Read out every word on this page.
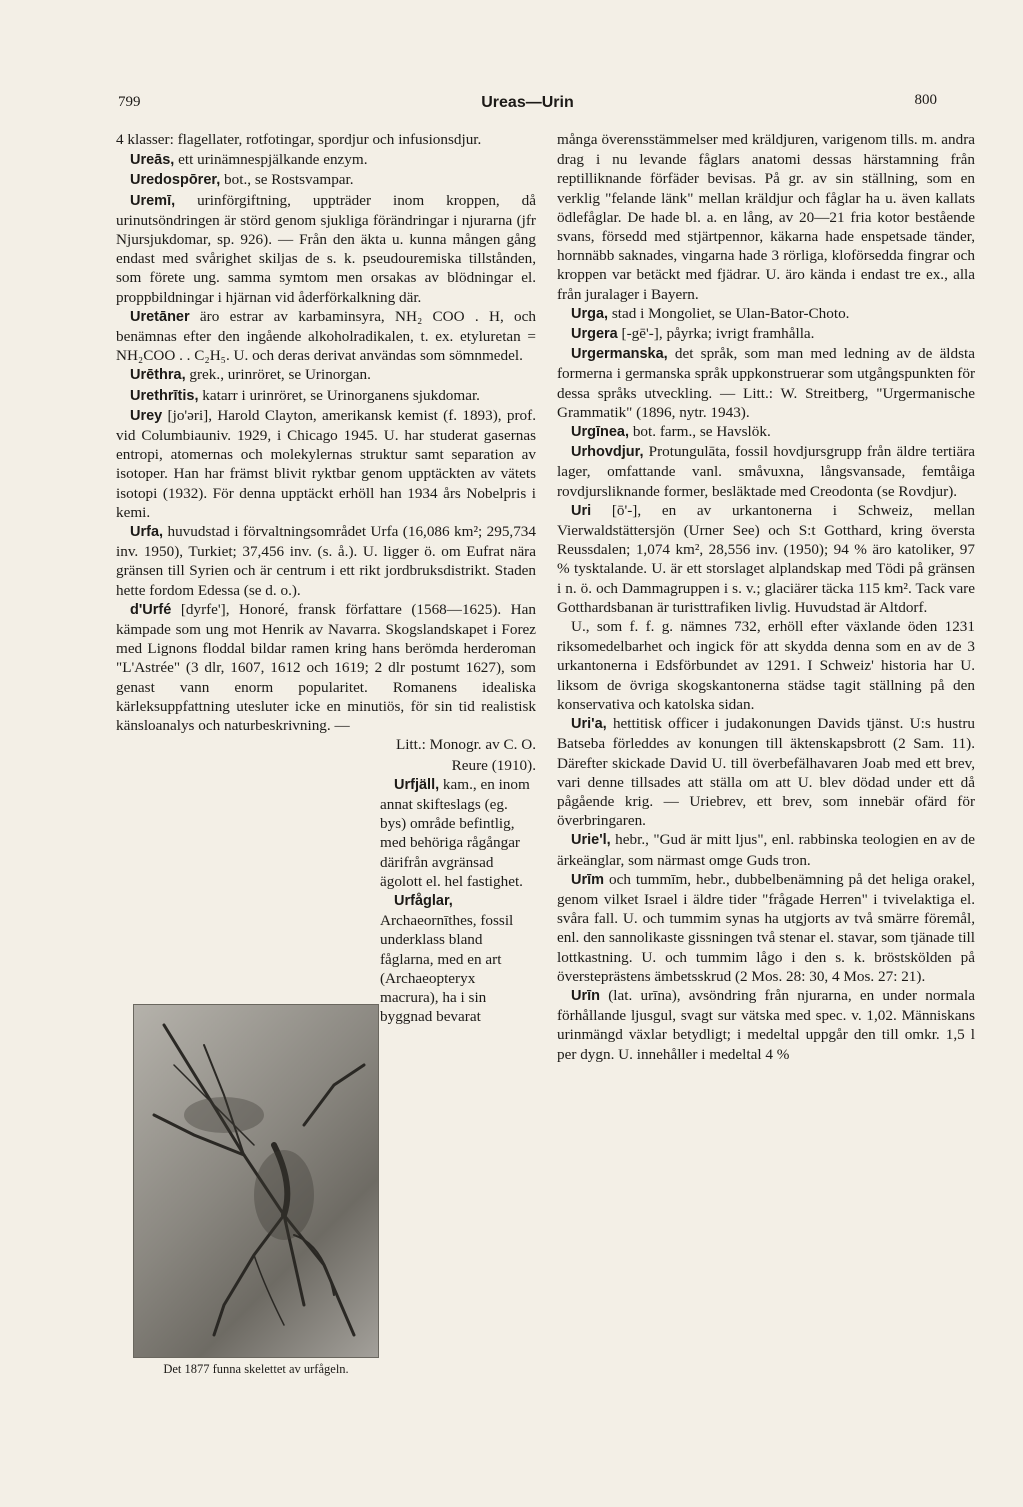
799	Ureas—Urin	800

4 klasser: flagellater, rotfotingar, spordjur och infusionsdjur.

Ureās, ett urinämnespjälkande enzym.

Uredospōrer, bot., se Rostsvampar.

Uremī, urinförgiftning, uppträder inom kroppen, då urinutsöndringen är störd genom sjukliga förändringar i njurarna (jfr Njursjukdomar, sp. 926). — Från den äkta u. kunna mången gång endast med svårighet skiljas de s. k. pseudouremiska tillstånden, som förete ung. samma symtom men orsakas av blödningar el. proppbildningar i hjärnan vid åderförkalkning där.

Uretāner äro estrar av karbaminsyra, NH₂ COO . H, och benämnas efter den ingående alkoholradikalen, t. ex. etyluretan = NH₂COO . . C₂H₅. U. och deras derivat användas som sömnmedel.

Urēthra, grek., urinröret, se Urinorgan.

Urethrītis, katarr i urinröret, se Urinorganens sjukdomar.

Urey [jo'əri], Harold Clayton, amerikansk kemist (f. 1893), prof. vid Columbiauniv. 1929, i Chicago 1945. U. har studerat gasernas entropi, atomernas och molekylernas struktur samt separation av isotoper. Han har främst blivit ryktbar genom upptäckten av vätets isotopi (1932). För denna upptäckt erhöll han 1934 års Nobelpris i kemi.

Urfa, huvudstad i förvaltningsområdet Urfa (16,086 km²; 295,734 inv. 1950), Turkiet; 37,456 inv. (s. å.). U. ligger ö. om Eufrat nära gränsen till Syrien och är centrum i ett rikt jordbruksdistrikt. Staden hette fordom Edessa (se d. o.).

d'Urfé [dyrfe'], Honoré, fransk författare (1568—1625). Han kämpade som ung mot Henrik av Navarra. Skogslandskapet i Forez med Lignons floddal bildar ramen kring hans berömda herderoman "L'Astrée" (3 dlr, 1607, 1612 och 1619; 2 dlr postumt 1627), som genast vann enorm popularitet. Romanens idealiska kärleksuppfattning utesluter icke en minutiös, för sin tid realistisk känsloanalys och naturbeskrivning. —

Litt.: Monogr. av C. O. Reure (1910).

Urfjäll, kam., en inom annat skifteslags (eg. bys) område befintlig, med behöriga rågångar därifrån avgränsad ägolott el. hel fastighet.

Urfåglar, Archaeornīthes, fossil underklass bland fåglarna, med en art (Archaeopteryx macrura), ha i sin byggnad bevarat

Det 1877 funna skelettet av urfågeln.

många överensstämmelser med kräldjuren, varigenom tills. m. andra drag i nu levande fåglars anatomi dessas härstamning från reptilliknande förfäder bevisas. På gr. av sin ställning, som en verklig "felande länk" mellan kräldjur och fåglar ha u. även kallats ödlefåglar. De hade bl. a. en lång, av 20—21 fria kotor bestående svans, försedd med stjärtpennor, käkarna hade enspetsade tänder, hornnäbb saknades, vingarna hade 3 rörliga, kloförsedda fingrar och kroppen var betäckt med fjädrar. U. äro kända i endast tre ex., alla från juralager i Bayern.

Urga, stad i Mongoliet, se Ulan-Bator-Choto.

Urgera [-gē'-], påyrka; ivrigt framhålla.

Urgermanska, det språk, som man med ledning av de äldsta formerna i germanska språk uppkonstruerar som utgångspunkten för dessa språks utveckling. — Litt.: W. Streitberg, "Urgermanische Grammatik" (1896, nytr. 1943).

Urgīnea, bot. farm., se Havslök.

Urhovdjur, Protungulāta, fossil hovdjursgrupp från äldre tertiära lager, omfattande vanl. småvuxna, långsvansade, femtåiga rovdjursliknande former, besläktade med Creodonta (se Rovdjur).

Uri [ō'-], en av urkantonerna i Schweiz, mellan Vierwaldstättersjön (Urner See) och S:t Gotthard, kring översta Reussdalen; 1,074 km², 28,556 inv. (1950); 94 % äro katoliker, 97 % tysktalande. U. är ett storslaget alplandskap med Tödi på gränsen i n. ö. och Dammagruppen i s. v.; glaciärer täcka 115 km². Tack vare Gotthardsbanan är turisttrafiken livlig. Huvudstad är Altdorf.

U., som f. f. g. nämnes 732, erhöll efter växlande öden 1231 riksomedelbarhet och ingick för att skydda denna som en av de 3 urkantonerna i Edsförbundet av 1291. I Schweiz' historia har U. liksom de övriga skogskantonerna städse tagit ställning på den konservativa och katolska sidan.

Uri'a, hettitisk officer i judakonungen Davids tjänst. U:s hustru Batseba förleddes av konungen till äktenskapsbrott (2 Sam. 11). Därefter skickade David U. till överbefälhavaren Joab med ett brev, vari denne tillsades att ställa om att U. blev dödad under ett då pågående krig. — Uriebrev, ett brev, som innebär ofärd för överbringaren.

Urie'l, hebr., "Gud är mitt ljus", enl. rabbinska teologien en av de ärkeänglar, som närmast omge Guds tron.

Urīm och tummīm, hebr., dubbelbenämning på det heliga orakel, genom vilket Israel i äldre tider "frågade Herren" i tvivelaktiga el. svåra fall. U. och tummim synas ha utgjorts av två smärre föremål, enl. den sannolikaste gissningen två stenar el. stavar, som tjänade till lottkastning. U. och tummim lågo i den s. k. bröstskölden på översteprästens ämbetsskrud (2 Mos. 28: 30, 4 Mos. 27: 21).

Urīn (lat. urīna), avsöndring från njurarna, en under normala förhållande ljusgul, svagt sur vätska med spec. v. 1,02. Människans urinmängd växlar betydligt; i medeltal uppgår den till omkr. 1,5 l per dygn. U. innehåller i medeltal 4 %
